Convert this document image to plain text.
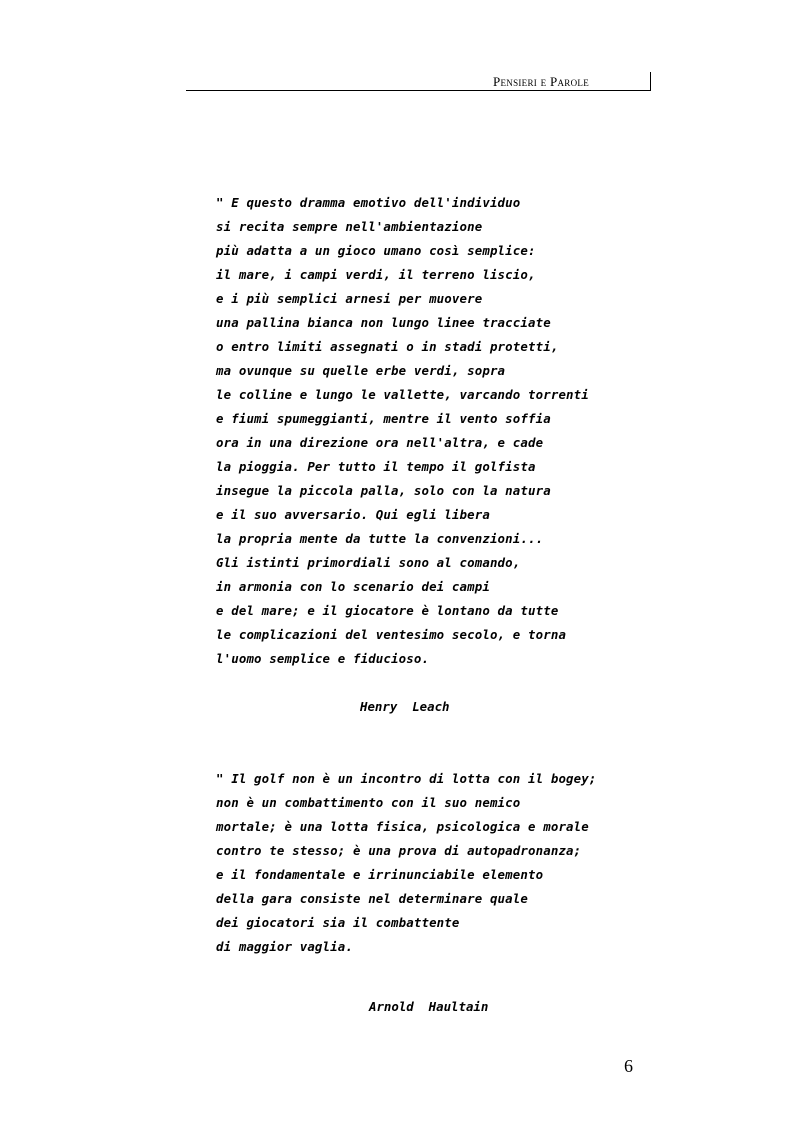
Pensieri e Parole
" E questo dramma emotivo dell'individuo
si recita sempre nell'ambientazione
più adatta a un gioco umano così semplice:
il mare, i campi verdi, il terreno liscio,
e i più semplici arnesi per muovere
una pallina bianca non lungo linee tracciate
o entro limiti assegnati o in stadi protetti,
ma ovunque su quelle erbe verdi, sopra
le colline e lungo le vallette, varcando torrenti
e fiumi spumeggianti, mentre il vento soffia
ora in una direzione ora nell'altra, e cade
la pioggia. Per tutto il tempo il golfista
insegue la piccola palla, solo con la natura
e il suo avversario. Qui egli libera
la propria mente da tutte la convenzioni...
Gli istinti primordiali sono al comando,
in armonia con lo scenario dei campi
e del mare; e il giocatore è lontano da tutte
le complicazioni del ventesimo secolo, e torna
l'uomo semplice e fiducioso.
Henry  Leach
" Il golf non è un incontro di lotta con il bogey;
non è un combattimento con il suo nemico
mortale; è una lotta fisica, psicologica e morale
contro te stesso; è una prova di autopadronanza;
e il fondamentale e irrinunciabile elemento
della gara consiste nel determinare quale
dei giocatori sia il combattente
di maggior vaglia.
Arnold  Haultain
6
